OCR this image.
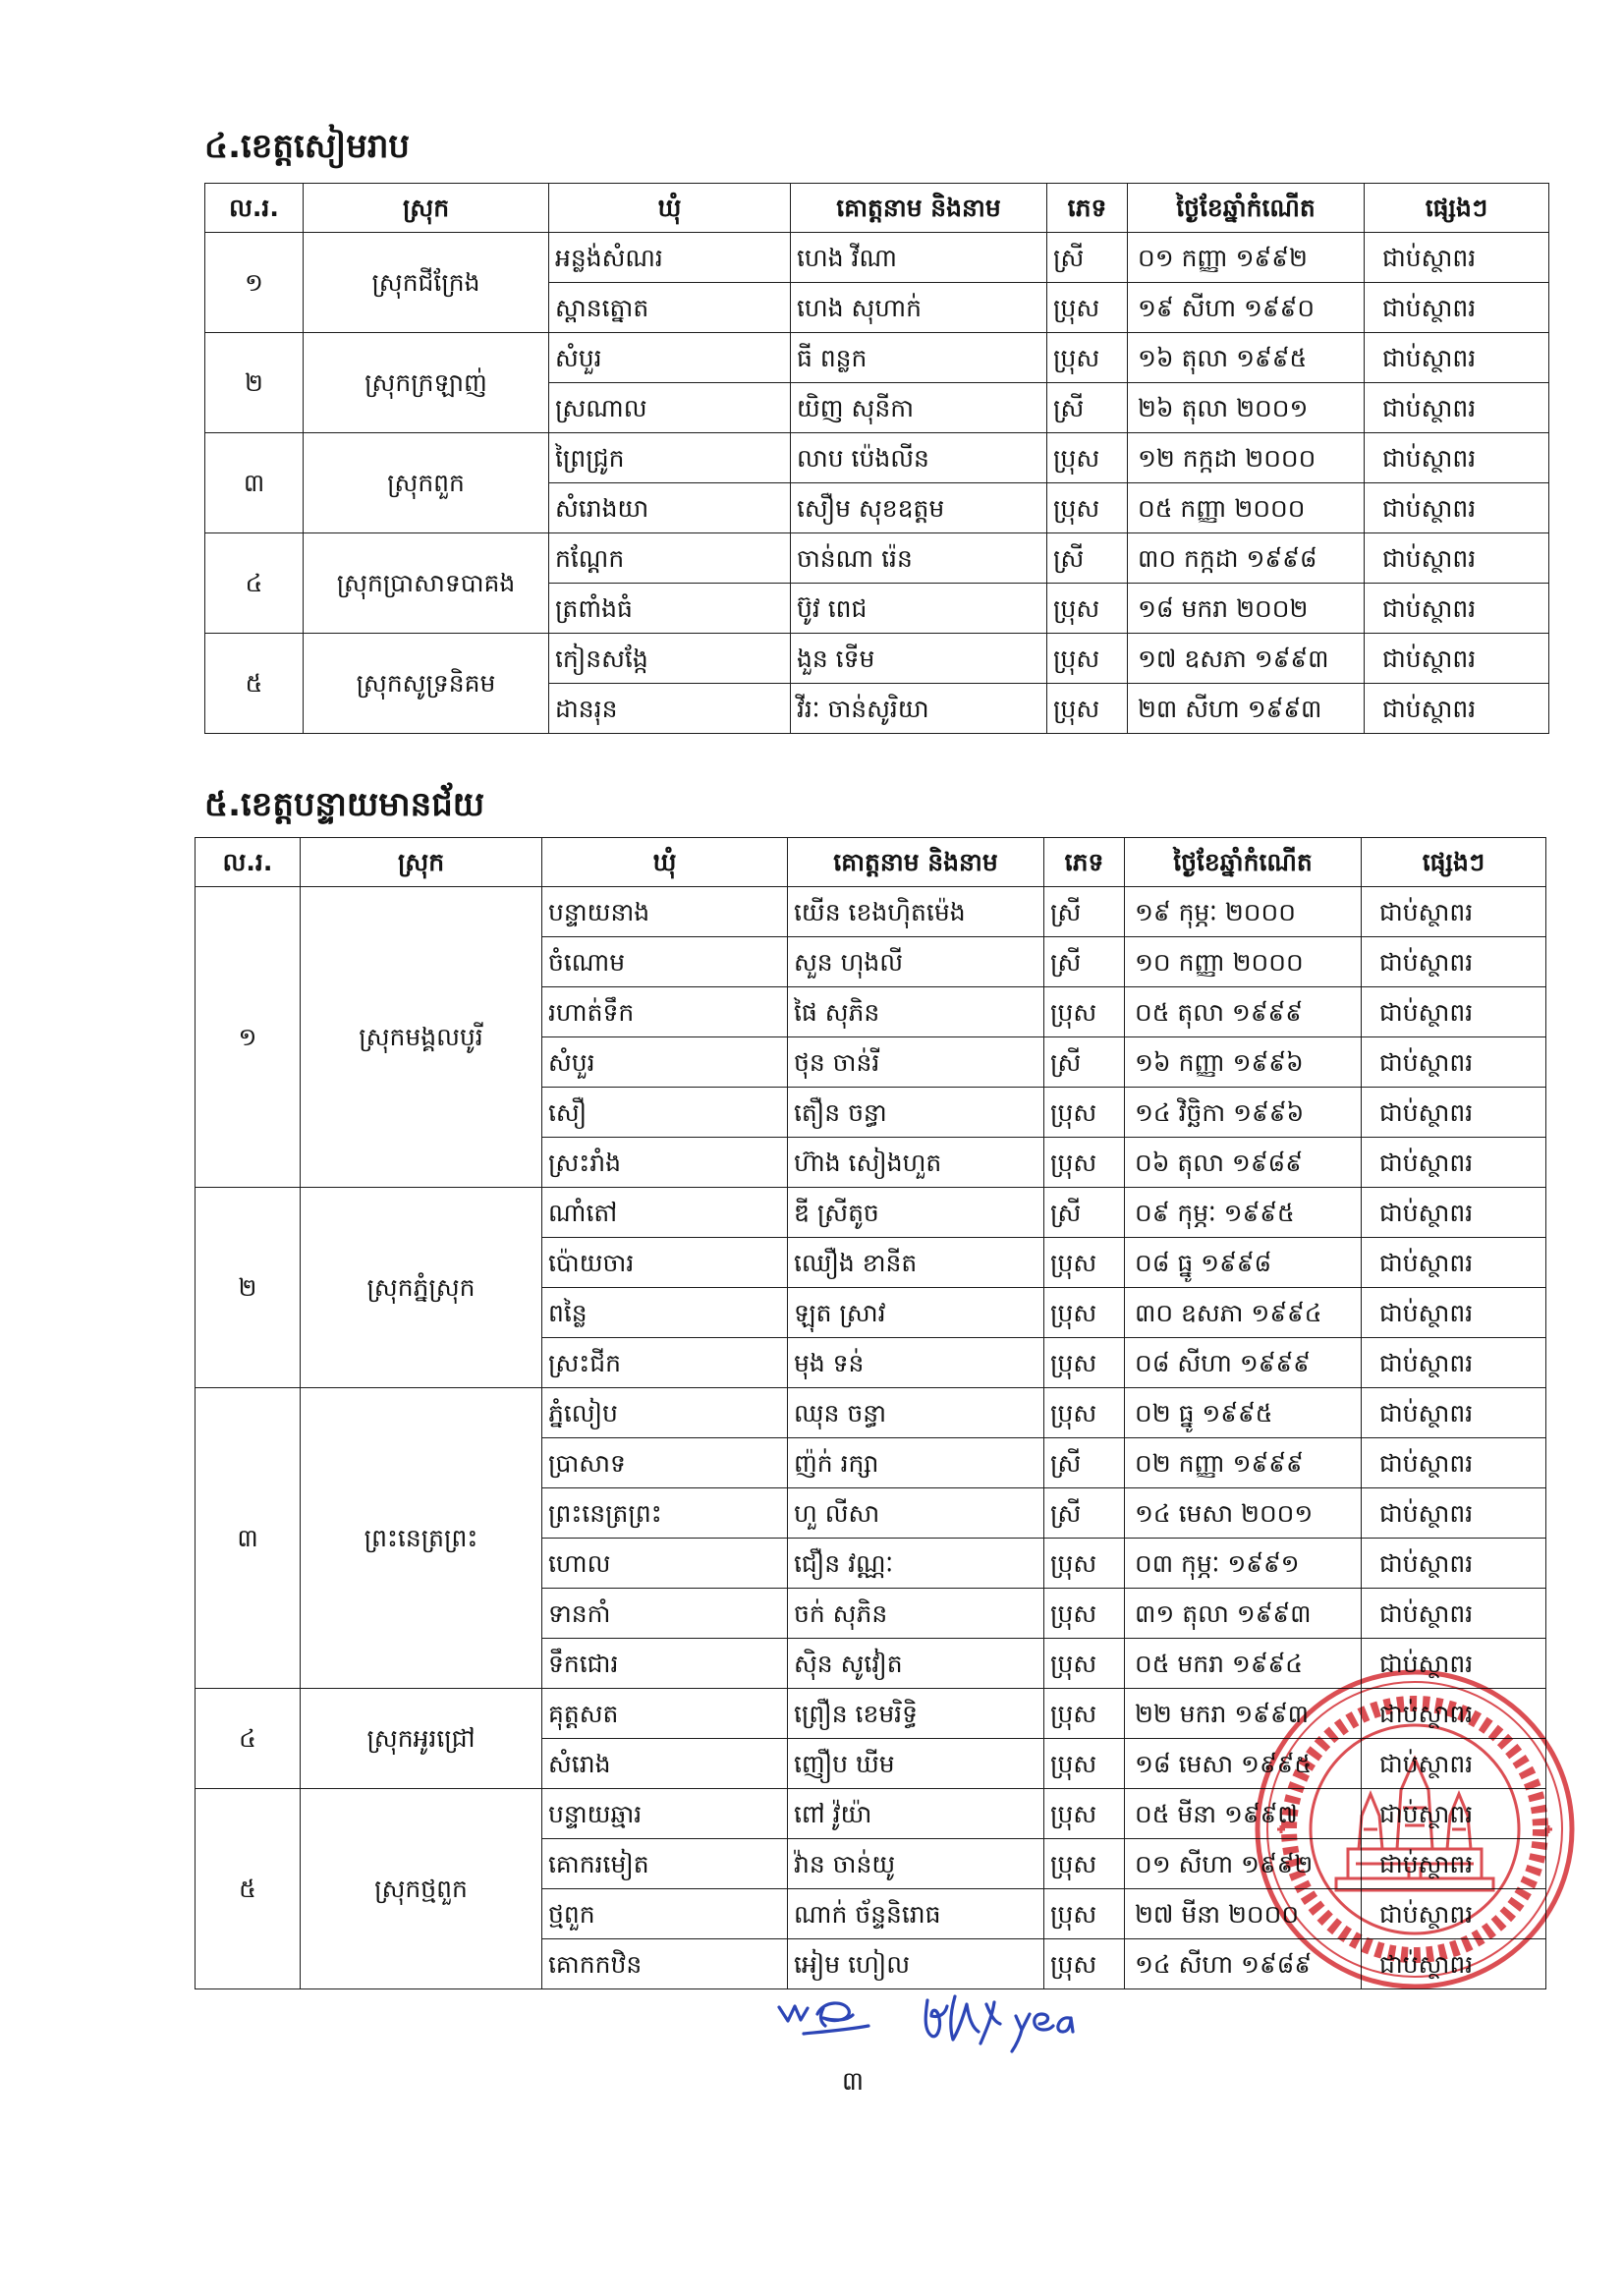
៤.ខេត្តសៀមរាប
ល.រ.	ស្រុក	ឃុំ	គោត្តនាម និងនាម	ភេទ	ថ្ងៃខែឆ្នាំកំណើត	ផ្សេងៗ
១	ស្រុកជីក្រែង	អន្លង់សំណរ	ហេង វីណា	ស្រី	០១ កញ្ញា ១៩៩២	ជាប់ស្ថាពរ
		ស្ពានត្នោត	ហេង សុហាក់	ប្រុស	១៩ សីហា ១៩៩០	ជាប់ស្ថាពរ
២	ស្រុកក្រឡាញ់	សំបួរ	ធី ពន្លក	ប្រុស	១៦ តុលា ១៩៩៥	ជាប់ស្ថាពរ
		ស្រណាល	យិញ សុនីកា	ស្រី	២៦ តុលា ២០០១	ជាប់ស្ថាពរ
៣	ស្រុកពួក	ព្រៃជ្រូក	លាប ប៉េងលីន	ប្រុស	១២ កក្កដា ២០០០	ជាប់ស្ថាពរ
		សំរោងយា	សឿម សុខឧត្តម	ប្រុស	០៥ កញ្ញា ២០០០	ជាប់ស្ថាពរ
៤	ស្រុកប្រាសាទបាគង	កណ្ដែក	ចាន់ណា រ៉េន	ស្រី	៣០ កក្កដា ១៩៩៨	ជាប់ស្ថាពរ
		ត្រពាំងធំ	ប៊ូវ ពេជ	ប្រុស	១៨ មករា ២០០២	ជាប់ស្ថាពរ
៥	ស្រុកសូទ្រនិគម	កៀនសង្កែ	ងួន ទើម	ប្រុស	១៧ ឧសភា ១៩៩៣	ជាប់ស្ថាពរ
		ដានរុន	វីរៈ ចាន់សូរិយា	ប្រុស	២៣ សីហា ១៩៩៣	ជាប់ស្ថាពរ
៥.ខេត្តបន្ទាយមានជ័យ
ល.រ.	ស្រុក	ឃុំ	គោត្តនាម និងនាម	ភេទ	ថ្ងៃខែឆ្នាំកំណើត	ផ្សេងៗ
១	ស្រុកមង្គលបូរី	បន្ទាយនាង	យើន ខេងហ៊ិតម៉េង	ស្រី	១៩ កុម្ភៈ ២០០០	ជាប់ស្ថាពរ
		ចំណោម	សួន ហុងលី	ស្រី	១០ កញ្ញា ២០០០	ជាប់ស្ថាពរ
		រហាត់ទឹក	ផៃ សុភិន	ប្រុស	០៥ តុលា ១៩៩៩	ជាប់ស្ថាពរ
		សំបួរ	ថុន ចាន់រី	ស្រី	១៦ កញ្ញា ១៩៩៦	ជាប់ស្ថាពរ
		សឿ	តឿន ចន្ធា	ប្រុស	១៤ វិច្ឆិកា ១៩៩៦	ជាប់ស្ថាពរ
		ស្រះរាំង	ហ៊ាង សៀងហួត	ប្រុស	០៦ តុលា ១៩៨៩	ជាប់ស្ថាពរ
២	ស្រុកភ្នំស្រុក	ណាំតៅ	ឌី ស្រីតូច	ស្រី	០៩ កុម្ភៈ ១៩៩៥	ជាប់ស្ថាពរ
		ប៉ោយចារ	ឈឿង ខានីត	ប្រុស	០៨ ធ្នូ ១៩៩៨	ជាប់ស្ថាពរ
		ពន្លៃ	ឡុត ស្រាវ	ប្រុស	៣០ ឧសភា ១៩៩៤	ជាប់ស្ថាពរ
		ស្រះជីក	មុង ទន់	ប្រុស	០៨ សីហា ១៩៩៩	ជាប់ស្ថាពរ
៣	ព្រះនេត្រព្រះ	ភ្នំលៀប	ឈុន ចន្ធា	ប្រុស	០២ ធ្នូ ១៩៩៥	ជាប់ស្ថាពរ
		ប្រាសាទ	ញ៉ក់ រក្សា	ស្រី	០២ កញ្ញា ១៩៩៩	ជាប់ស្ថាពរ
		ព្រះនេត្រព្រះ	ហួ លីសា	ស្រី	១៤ មេសា ២០០១	ជាប់ស្ថាពរ
		ហោល	ជឿន វណ្ណៈ	ប្រុស	០៣ កុម្ភៈ ១៩៩១	ជាប់ស្ថាពរ
		ទានកាំ	ចក់ សុភិន	ប្រុស	៣១ តុលា ១៩៩៣	ជាប់ស្ថាពរ
		ទឹកជោរ	ស៊ិន សូវៀត	ប្រុស	០៥ មករា ១៩៩៤	ជាប់ស្ថាពរ
៤	ស្រុកអូរជ្រៅ	គុត្តសត	ព្រឿន ខេមរិទ្ធិ	ប្រុស	២២ មករា ១៩៩៣	ជាប់ស្ថាពរ
		សំរោង	ញឿប ឃីម	ប្រុស	១៨ មេសា ១៩៩៥	ជាប់ស្ថាពរ
៥	ស្រុកថ្មពួក	បន្ទាយឆ្មារ	ពៅ វ៉ូយ៉ា	ប្រុស	០៥ មីនា ១៩៩៧	ជាប់ស្ថាពរ
		គោករមៀត	វ៉ាន ចាន់យូ	ប្រុស	០១ សីហា ១៩៩២	ជាប់ស្ថាពរ
		ថ្មពួក	ណាក់ ច័ន្ទនិរោធ	ប្រុស	២៧ មីនា ២០០០	ជាប់ស្ថាពរ
		គោកកឋិន	អៀម ហៀល	ប្រុស	១៤ សីហា ១៩៨៩	ជាប់ស្ថាពរ
៣
